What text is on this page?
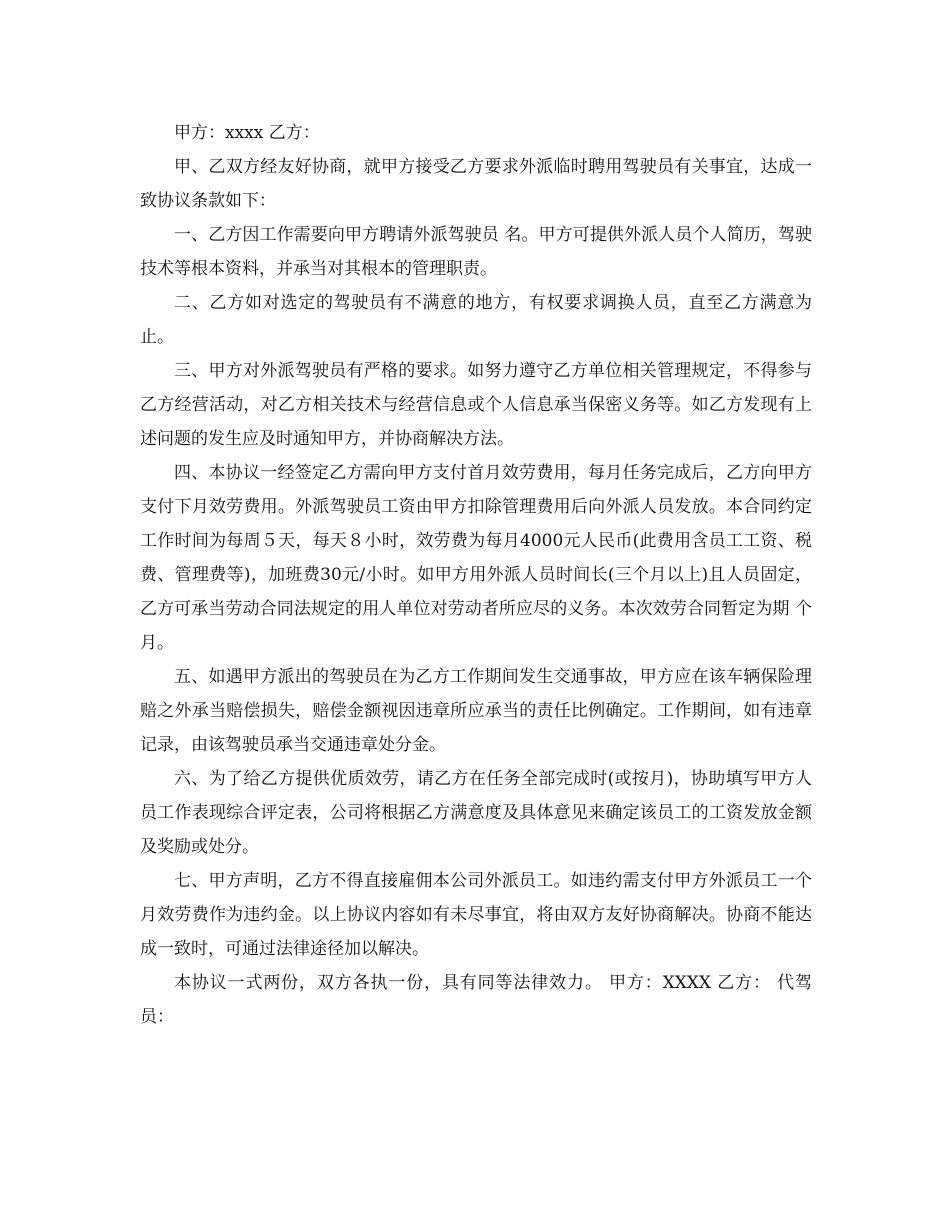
甲方：xxxx 乙方：

甲、乙双方经友好协商，就甲方接受乙方要求外派临时聘用驾驶员有关事宜，达成一致协议条款如下：

一、乙方因工作需要向甲方聘请外派驾驶员 名。甲方可提供外派人员个人简历，驾驶技术等根本资料，并承当对其根本的管理职责。

二、乙方如对选定的驾驶员有不满意的地方，有权要求调换人员，直至乙方满意为止。

三、甲方对外派驾驶员有严格的要求。如努力遵守乙方单位相关管理规定，不得参与乙方经营活动，对乙方相关技术与经营信息或个人信息承当保密义务等。如乙方发现有上述问题的发生应及时通知甲方，并协商解决方法。

四、本协议一经签定乙方需向甲方支付首月效劳费用，每月任务完成后，乙方向甲方支付下月效劳费用。外派驾驶员工资由甲方扣除管理费用后向外派人员发放。本合同约定工作时间为每周５天，每天８小时，效劳费为每月4000元人民币(此费用含员工工资、税费、管理费等)，加班费30元/小时。如甲方用外派人员时间长(三个月以上)且人员固定，乙方可承当劳动合同法规定的用人单位对劳动者所应尽的义务。本次效劳合同暂定为期 个月。

五、如遇甲方派出的驾驶员在为乙方工作期间发生交通事故，甲方应在该车辆保险理赔之外承当赔偿损失，赔偿金额视因违章所应承当的责任比例确定。工作期间，如有违章记录，由该驾驶员承当交通违章处分金。

六、为了给乙方提供优质效劳，请乙方在任务全部完成时(或按月)，协助填写甲方人员工作表现综合评定表，公司将根据乙方满意度及具体意见来确定该员工的工资发放金额及奖励或处分。

七、甲方声明，乙方不得直接雇佣本公司外派员工。如违约需支付甲方外派员工一个月效劳费作为违约金。以上协议内容如有未尽事宜，将由双方友好协商解决。协商不能达成一致时，可通过法律途径加以解决。

本协议一式两份，双方各执一份，具有同等法律效力。 甲方：XXXX 乙方： 代驾员：
